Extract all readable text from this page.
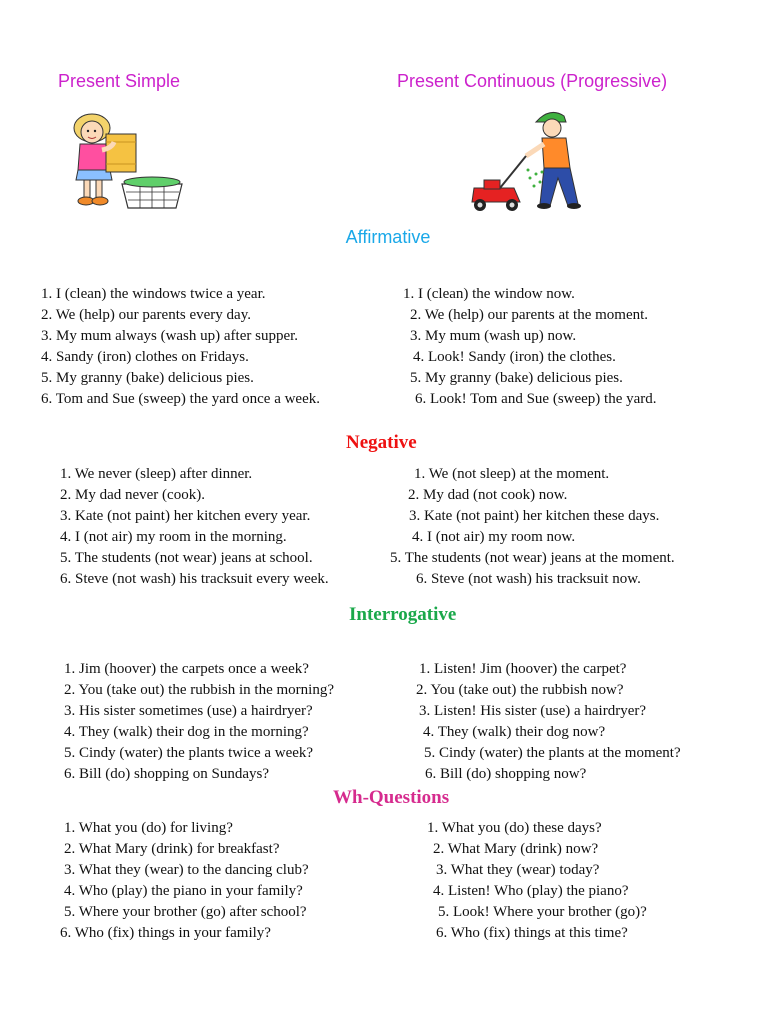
Present Simple	Present Continuous (Progressive)
Affirmative
1. I (clean) the windows twice a year.
2. We (help) our parents every day.
3. My mum always (wash up) after supper.
4. Sandy (iron) clothes on Fridays.
5. My granny (bake) delicious pies.
6. Tom and Sue (sweep) the yard once a week.
1. I (clean) the window now.
2. We (help) our parents at the moment.
3. My mum (wash up) now.
4. Look! Sandy (iron) the clothes.
5. My granny (bake) delicious pies.
6. Look! Tom and Sue (sweep) the yard.
Negative
1. We never (sleep) after dinner.
2. My dad never (cook).
3. Kate (not paint) her kitchen every year.
4. I (not air) my room in the morning.
5. The students (not wear) jeans at school.
6. Steve (not wash) his tracksuit every week.
1. We (not sleep) at the moment.
2. My dad (not cook) now.
3. Kate (not paint) her kitchen these days.
4. I (not air) my room now.
5. The students (not wear) jeans at the moment.
6. Steve (not wash) his tracksuit now.
Interrogative
1. Jim (hoover) the carpets once a week?
2. You (take out) the rubbish in the morning?
3. His sister sometimes (use) a hairdryer?
4. They (walk) their dog in the morning?
5. Cindy (water) the plants twice a week?
6. Bill (do) shopping on Sundays?
1. Listen! Jim (hoover) the carpet?
2. You (take out) the rubbish now?
3. Listen! His sister (use) a hairdryer?
4. They (walk) their dog now?
5. Cindy (water) the plants at the moment?
6. Bill (do) shopping now?
Wh-Questions
1. What you (do) for living?
2. What Mary (drink) for breakfast?
3. What they (wear) to the dancing club?
4. Who (play) the piano in your family?
5. Where your brother (go) after school?
6. Who (fix) things in your family?
1. What you (do) these days?
2. What Mary (drink) now?
3. What they (wear) today?
4. Listen! Who (play) the piano?
5. Look! Where your brother (go)?
6. Who (fix) things at this time?
